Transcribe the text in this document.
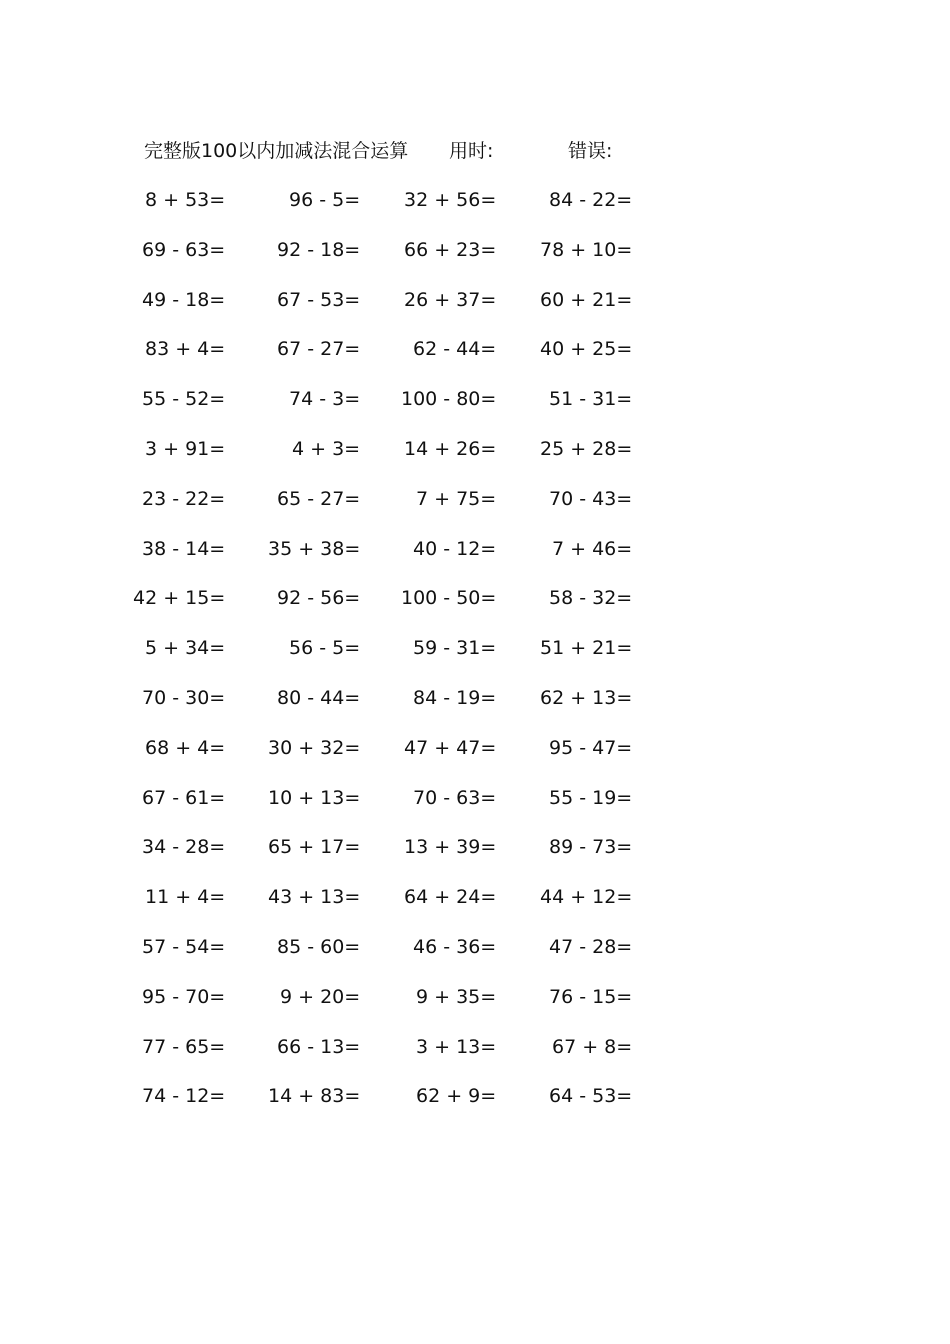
完整版100以内加减法混合运算 用时:	错误:
8 + 53=	96 - 5= 32 + 56=	84 - 22=
69 - 63=	92 - 18= 66 + 23= 78 + 10=
49 - 18=	67 - 53= 26 + 37= 60 + 21=
83 + 4=	67 - 27=	62 - 44= 40 + 25=
55 - 52=	74 - 3= 100 - 80=	51 - 31=
3 + 91=	4 + 3= 14 + 26= 25 + 28=
23 - 22=	65 - 27=	7 + 75=	70 - 43=
38 - 14= 35 + 38=	40 - 12=	7 + 46=
42 + 15=	92 - 56= 100 - 50=	58 - 32=
5 + 34=	56 - 5=	59 - 31= 51 + 21=
70 - 30=	80 - 44=	84 - 19= 62 + 13=
68 + 4= 30 + 32= 47 + 47=	95 - 47=
67 - 61= 10 + 13=	70 - 63=	55 - 19=
34 - 28= 65 + 17= 13 + 39=	89 - 73=
11 + 4= 43 + 13= 64 + 24= 44 + 12=
57 - 54=	85 - 60=	46 - 36=	47 - 28=
95 - 70=	9 + 20=	9 + 35=	76 - 15=
77 - 65=	66 - 13=	3 + 13=	67 + 8=
74 - 12= 14 + 83=	62 + 9=	64 - 53=
